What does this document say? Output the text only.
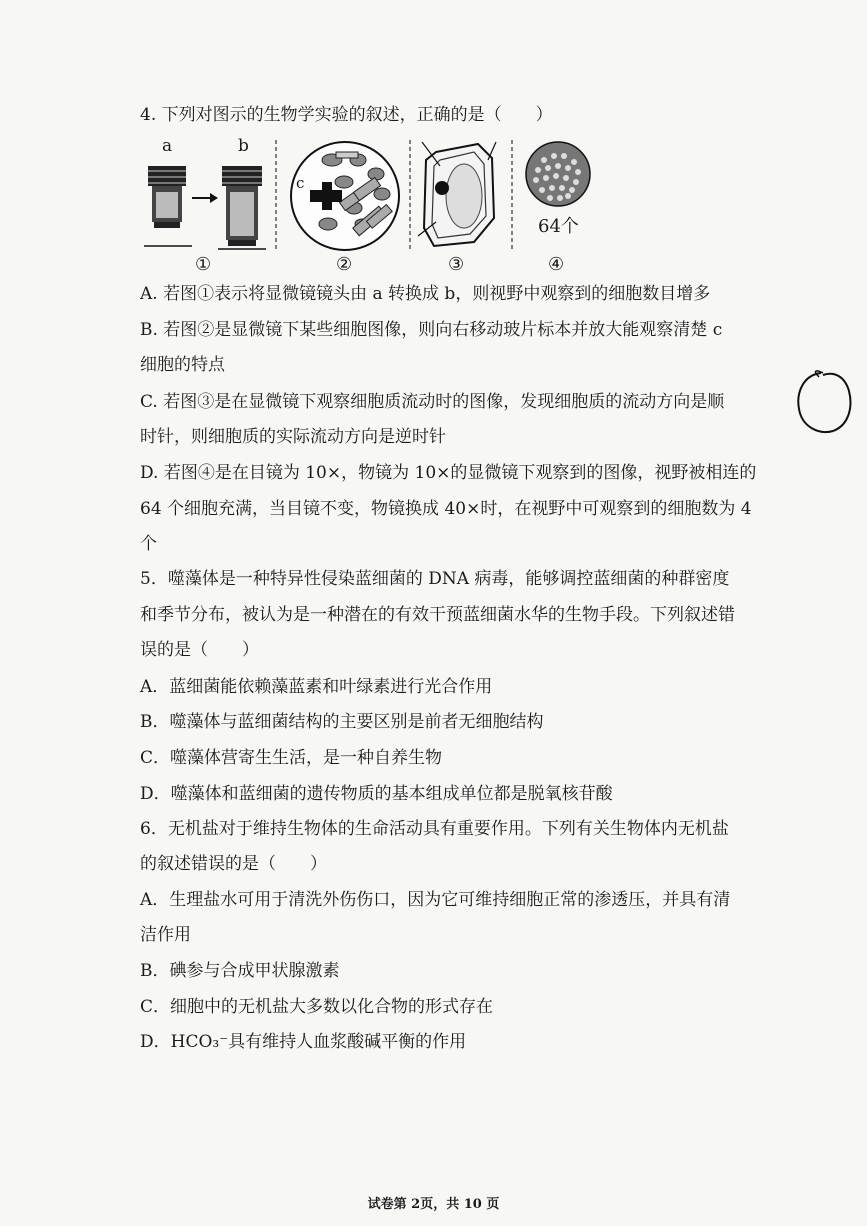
4. 下列对图示的生物学实验的叙述，正确的是（　　）
a	b
c
64个
①	②	③	④
A. 若图①表示将显微镜镜头由 a 转换成 b，则视野中观察到的细胞数目增多
B. 若图②是显微镜下某些细胞图像，则向右移动玻片标本并放大能观察清楚 c
细胞的特点
C. 若图③是在显微镜下观察细胞质流动时的图像，发现细胞质的流动方向是顺
时针，则细胞质的实际流动方向是逆时针
D. 若图④是在目镜为 10×，物镜为 10×的显微镜下观察到的图像，视野被相连的
64 个细胞充满，当目镜不变，物镜换成 40×时，在视野中可观察到的细胞数为 4
个
5．噬藻体是一种特异性侵染蓝细菌的 DNA 病毒，能够调控蓝细菌的种群密度
和季节分布，被认为是一种潜在的有效干预蓝细菌水华的生物手段。下列叙述错
误的是（　　）
A．蓝细菌能依赖藻蓝素和叶绿素进行光合作用
B．噬藻体与蓝细菌结构的主要区别是前者无细胞结构
C．噬藻体营寄生生活，是一种自养生物
D．噬藻体和蓝细菌的遗传物质的基本组成单位都是脱氧核苷酸
6．无机盐对于维持生物体的生命活动具有重要作用。下列有关生物体内无机盐
的叙述错误的是（　　）
A．生理盐水可用于清洗外伤伤口，因为它可维持细胞正常的渗透压，并具有清
洁作用
B．碘参与合成甲状腺激素
C．细胞中的无机盐大多数以化合物的形式存在
D．HCO₃⁻具有维持人血浆酸碱平衡的作用
试卷第 2页，共 10 页
